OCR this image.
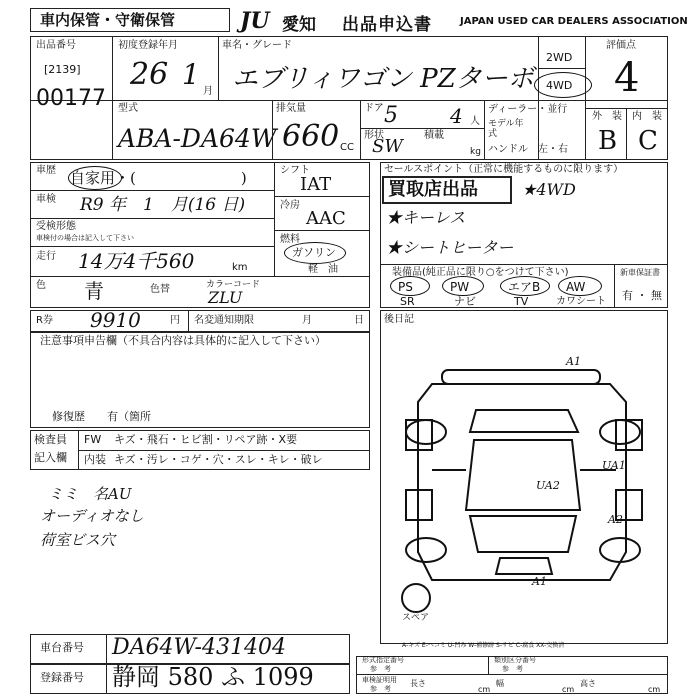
車内保管・守衛保管	JU 愛知 出品申込書	JAPAN USED CAR DEALERS ASSOCIATION
出品番号
[2139]
00177
初度登録年月
26 1
月
車名・グレード
エブリィワゴン PZターボ
2WD
4WD
評価点
4
型式
ABA-DA64W
排気量
660 CC
ドア 5	4 人
形状
SW
積載
kg
ディーラー・並行
モデル年式
ハンドル　左・右
外　装 内　装
B C
車歴 自家用・(　　　　　　　)
車検 R9 年　1　月(16 日)
受検形態
車検付の場合は記入して下さい
走行 14万4千560	km
色 青	色替	カラーコード
ZLU
シフト
IAT
冷房
AAC
燃料
ガソリン
軽　油
セールスポイント（正常に機能するものに限ります）
買取店出品	★4WD
★キーレス
★シートヒーター
装備品(純正品に限り○をつけて下さい)
PS	PW	エアB AW
SR	ナビ	TV	カワシート
新車保証書
有 ・ 無
R券 9910	円 名変通知期限	月	日
注意事項申告欄（不具合内容は具体的に記入して下さい）
修復歴　　有（箇所
検査員
記入欄
FW キズ・飛石・ヒビ割・リペア跡・X要
内装 キズ・汚レ・コゲ・穴・スレ・キレ・破レ
ミミ　名AU
オーディオなし
荷室ビス穴
後日記
A1
UA1
UA2
A2
A1
スペア
A-キズ E-ヘコミ U-凹み W-補修跡 S-サビ C-腐食 XX-交換済
車台番号 DA64W-431404
登録番号 静岡 580 ふ 1099
形式指定番号
参　考
類別区分番号
参　考
車検証明用
参　考
長さ
cm
幅
cm
高さ
cm
